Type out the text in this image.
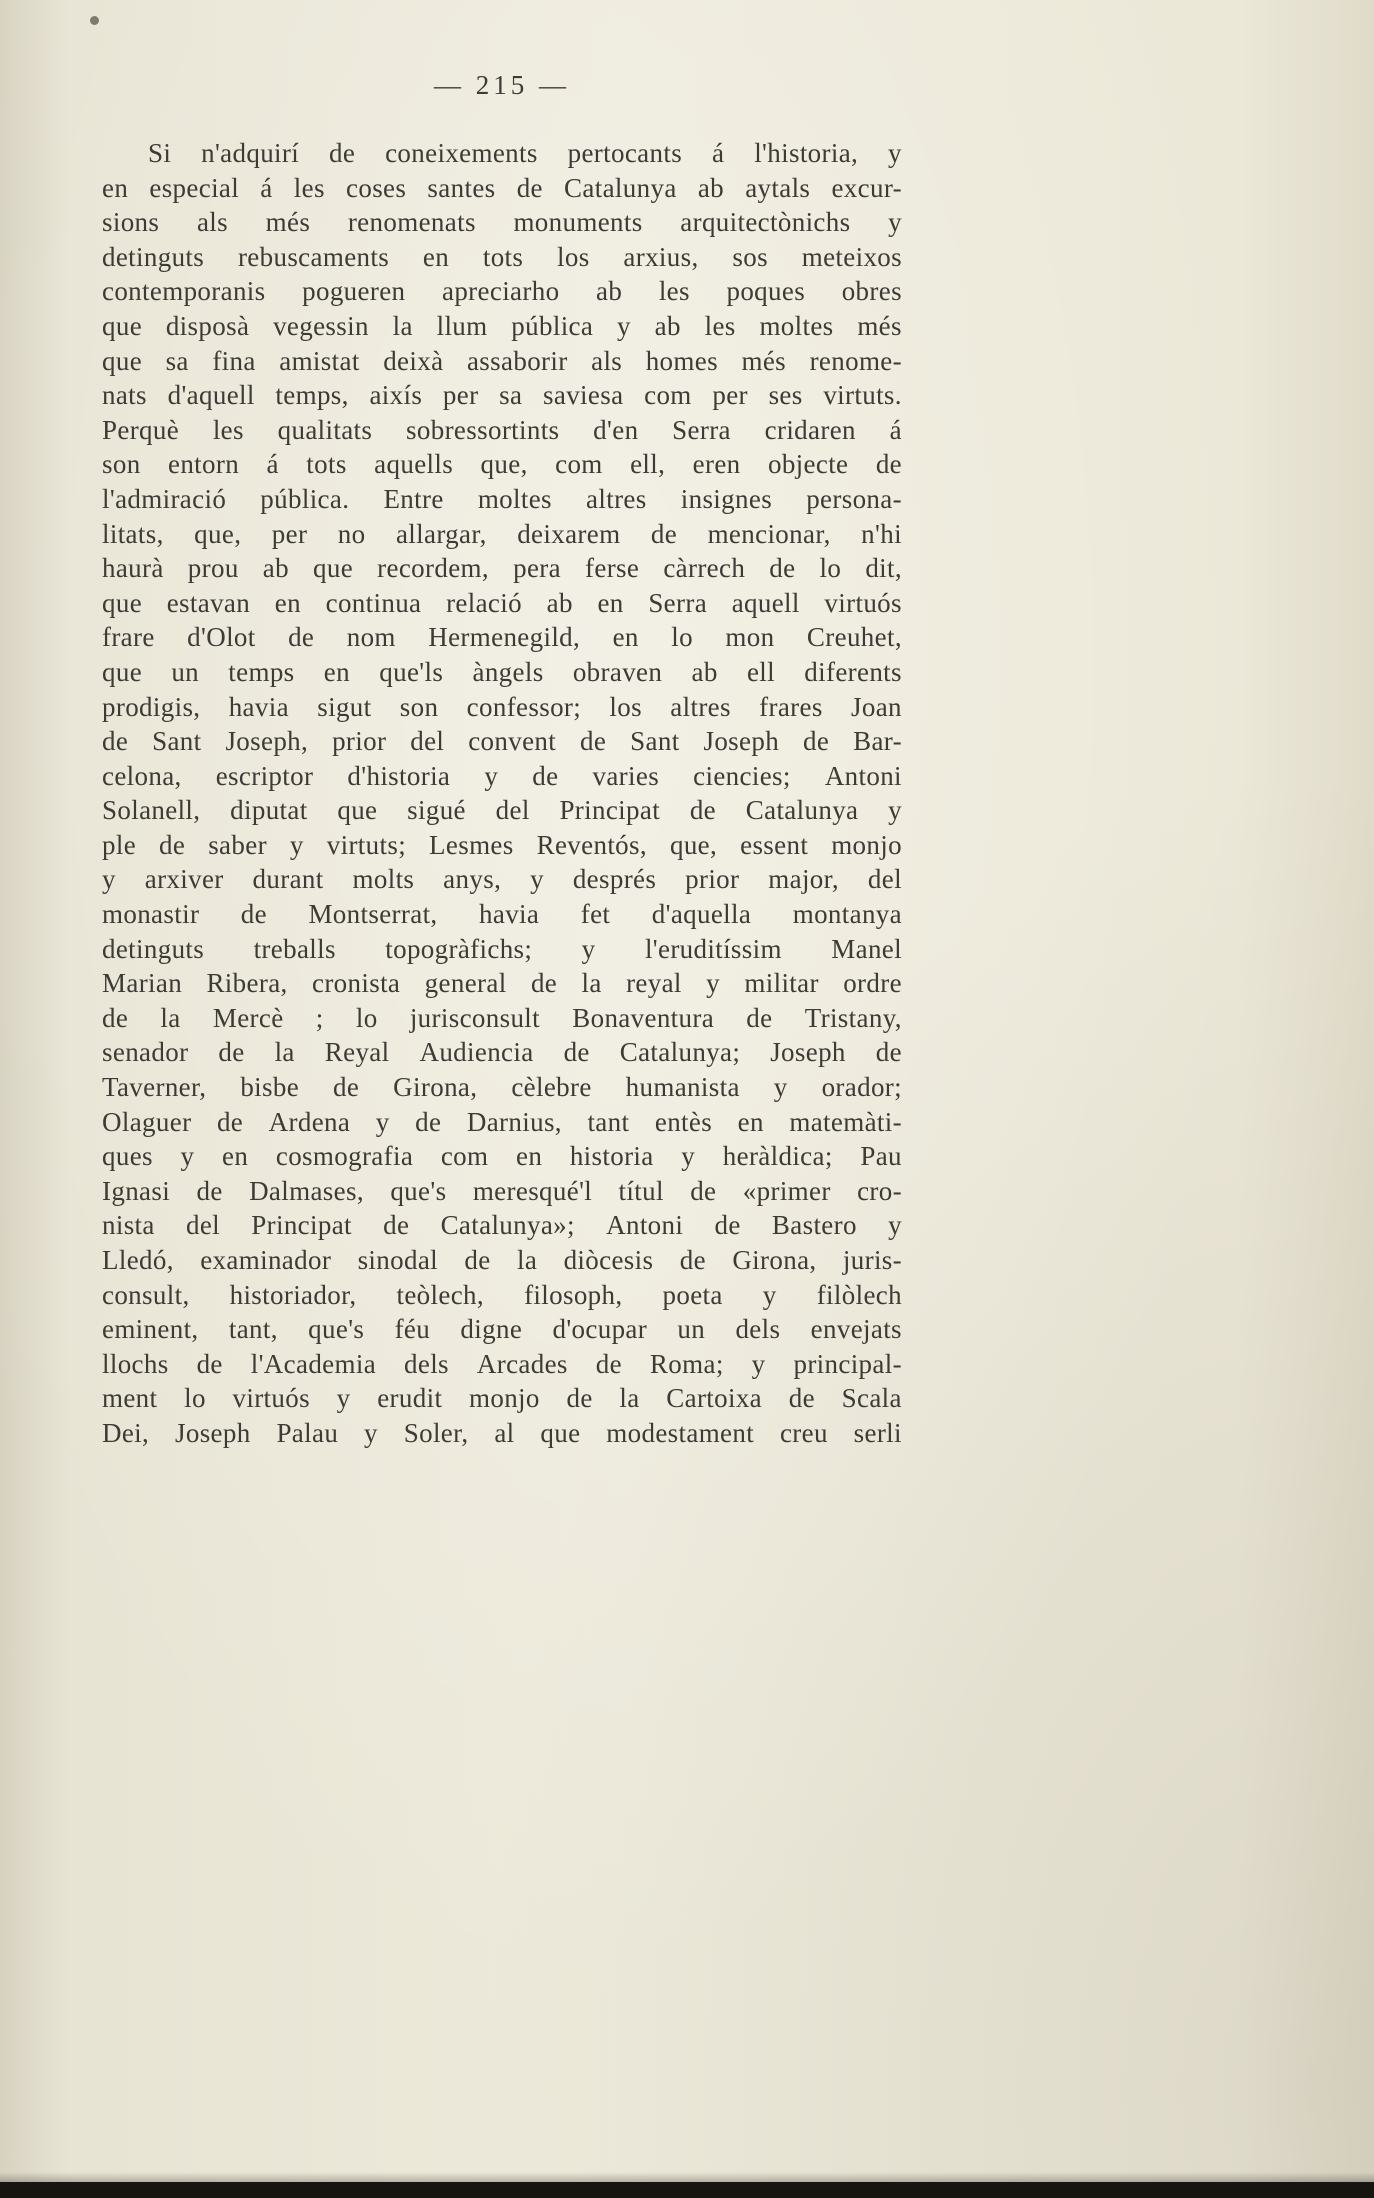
— 215 —
Si n'adquirí de coneixements pertocants á l'historia, y
en especial á les coses santes de Catalunya ab aytals excur-
sions als més renomenats monuments arquitectònichs y
detinguts rebuscaments en tots los arxius, sos meteixos
contemporanis pogueren apreciarho ab les poques obres
que disposà vegessin la llum pública y ab les moltes més
que sa fina amistat deixà assaborir als homes més renome-
nats d'aquell temps, aixís per sa saviesa com per ses virtuts.
Perquè les qualitats sobressortints d'en Serra cridaren á
son entorn á tots aquells que, com ell, eren objecte de
l'admiració pública. Entre moltes altres insignes persona-
litats, que, per no allargar, deixarem de mencionar, n'hi
haurà prou ab que recordem, pera ferse càrrech de lo dit,
que estavan en continua relació ab en Serra aquell virtuós
frare d'Olot de nom Hermenegild, en lo mon Creuhet,
que un temps en que'ls àngels obraven ab ell diferents
prodigis, havia sigut son confessor; los altres frares Joan
de Sant Joseph, prior del convent de Sant Joseph de Bar-
celona, escriptor d'historia y de varies ciencies; Antoni
Solanell, diputat que sigué del Principat de Catalunya y
ple de saber y virtuts; Lesmes Reventós, que, essent monjo
y arxiver durant molts anys, y després prior major, del
monastir de Montserrat, havia fet d'aquella montanya
detinguts treballs topogràfichs; y l'eruditíssim Manel
Marian Ribera, cronista general de la reyal y militar ordre
de la Mercè ; lo jurisconsult Bonaventura de Tristany,
senador de la Reyal Audiencia de Catalunya; Joseph de
Taverner, bisbe de Girona, cèlebre humanista y orador;
Olaguer de Ardena y de Darnius, tant entès en matemàti-
ques y en cosmografia com en historia y heràldica; Pau
Ignasi de Dalmases, que's meresqué'l títul de «primer cro-
nista del Principat de Catalunya»; Antoni de Bastero y
Lledó, examinador sinodal de la diòcesis de Girona, juris-
consult, historiador, teòlech, filosoph, poeta y filòlech
eminent, tant, que's féu digne d'ocupar un dels envejats
llochs de l'Academia dels Arcades de Roma; y principal-
ment lo virtuós y erudit monjo de la Cartoixa de Scala
Dei, Joseph Palau y Soler, al que modestament creu serli
